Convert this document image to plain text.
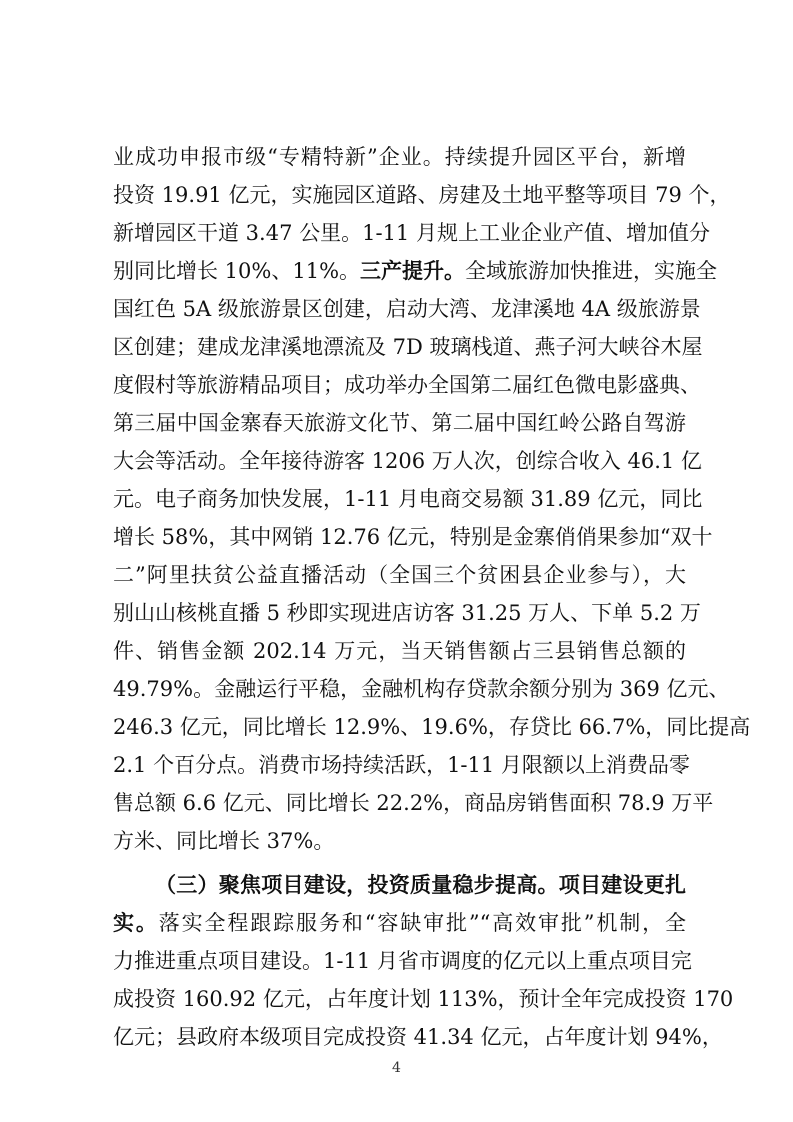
业成功申报市级“专精特新”企业。持续提升园区平台，新增
投资 19.91 亿元，实施园区道路、房建及土地平整等项目 79 个，
新增园区干道 3.47 公里。1-11 月规上工业企业产值、增加值分
别同比增长 10%、11%。三产提升。全域旅游加快推进，实施全
国红色 5A 级旅游景区创建，启动大湾、龙津溪地 4A 级旅游景
区创建；建成龙津溪地漂流及 7D 玻璃栈道、燕子河大峡谷木屋
度假村等旅游精品项目；成功举办全国第二届红色微电影盛典、
第三届中国金寨春天旅游文化节、第二届中国红岭公路自驾游
大会等活动。全年接待游客 1206 万人次，创综合收入 46.1 亿
元。电子商务加快发展，1-11 月电商交易额 31.89 亿元，同比
增长 58%，其中网销 12.76 亿元，特别是金寨俏俏果参加“双十
二”阿里扶贫公益直播活动（全国三个贫困县企业参与），大
别山山核桃直播 5 秒即实现进店访客 31.25 万人、下单 5.2 万
件、销售金额 202.14 万元，当天销售额占三县销售总额的
49.79%。金融运行平稳，金融机构存贷款余额分别为 369 亿元、
246.3 亿元，同比增长 12.9%、19.6%，存贷比 66.7%，同比提高
2.1 个百分点。消费市场持续活跃，1-11 月限额以上消费品零
售总额 6.6 亿元、同比增长 22.2%，商品房销售面积 78.9 万平
方米、同比增长 37%。
（三）聚焦项目建设，投资质量稳步提高。项目建设更扎
实。落实全程跟踪服务和“容缺审批”“高效审批”机制，全
力推进重点项目建设。1-11 月省市调度的亿元以上重点项目完
成投资 160.92 亿元，占年度计划 113%，预计全年完成投资 170
亿元；县政府本级项目完成投资 41.34 亿元，占年度计划 94%，
4
